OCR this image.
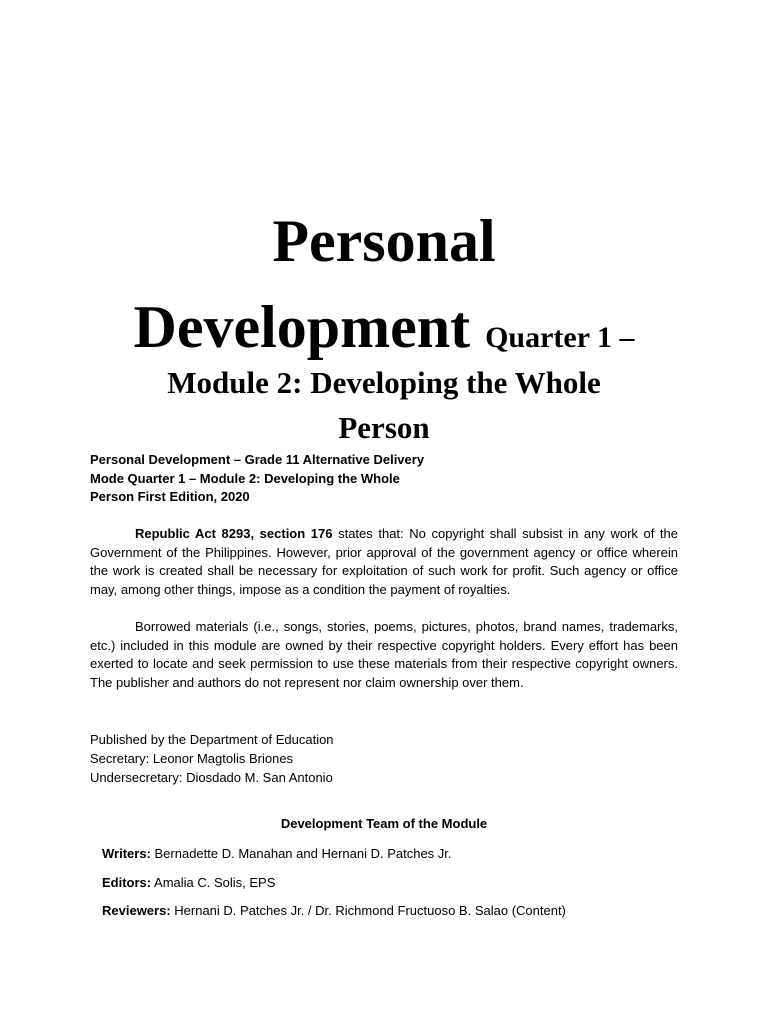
Personal
Development Quarter 1 –
Module 2: Developing the Whole
Person
Personal Development – Grade 11 Alternative Delivery
Mode Quarter 1 – Module 2: Developing the Whole
Person First Edition, 2020
Republic Act 8293, section 176 states that: No copyright shall subsist in any work of the Government of the Philippines. However, prior approval of the government agency or office wherein the work is created shall be necessary for exploitation of such work for profit. Such agency or office may, among other things, impose as a condition the payment of royalties.
Borrowed materials (i.e., songs, stories, poems, pictures, photos, brand names, trademarks, etc.) included in this module are owned by their respective copyright holders. Every effort has been exerted to locate and seek permission to use these materials from their respective copyright owners. The publisher and authors do not represent nor claim ownership over them.
Published by the Department of Education
Secretary: Leonor Magtolis Briones
Undersecretary: Diosdado M. San Antonio
Development Team of the Module
Writers: Bernadette D. Manahan and Hernani D. Patches Jr.
Editors: Amalia C. Solis, EPS
Reviewers: Hernani D. Patches Jr. / Dr. Richmond Fructuoso B. Salao (Content)
